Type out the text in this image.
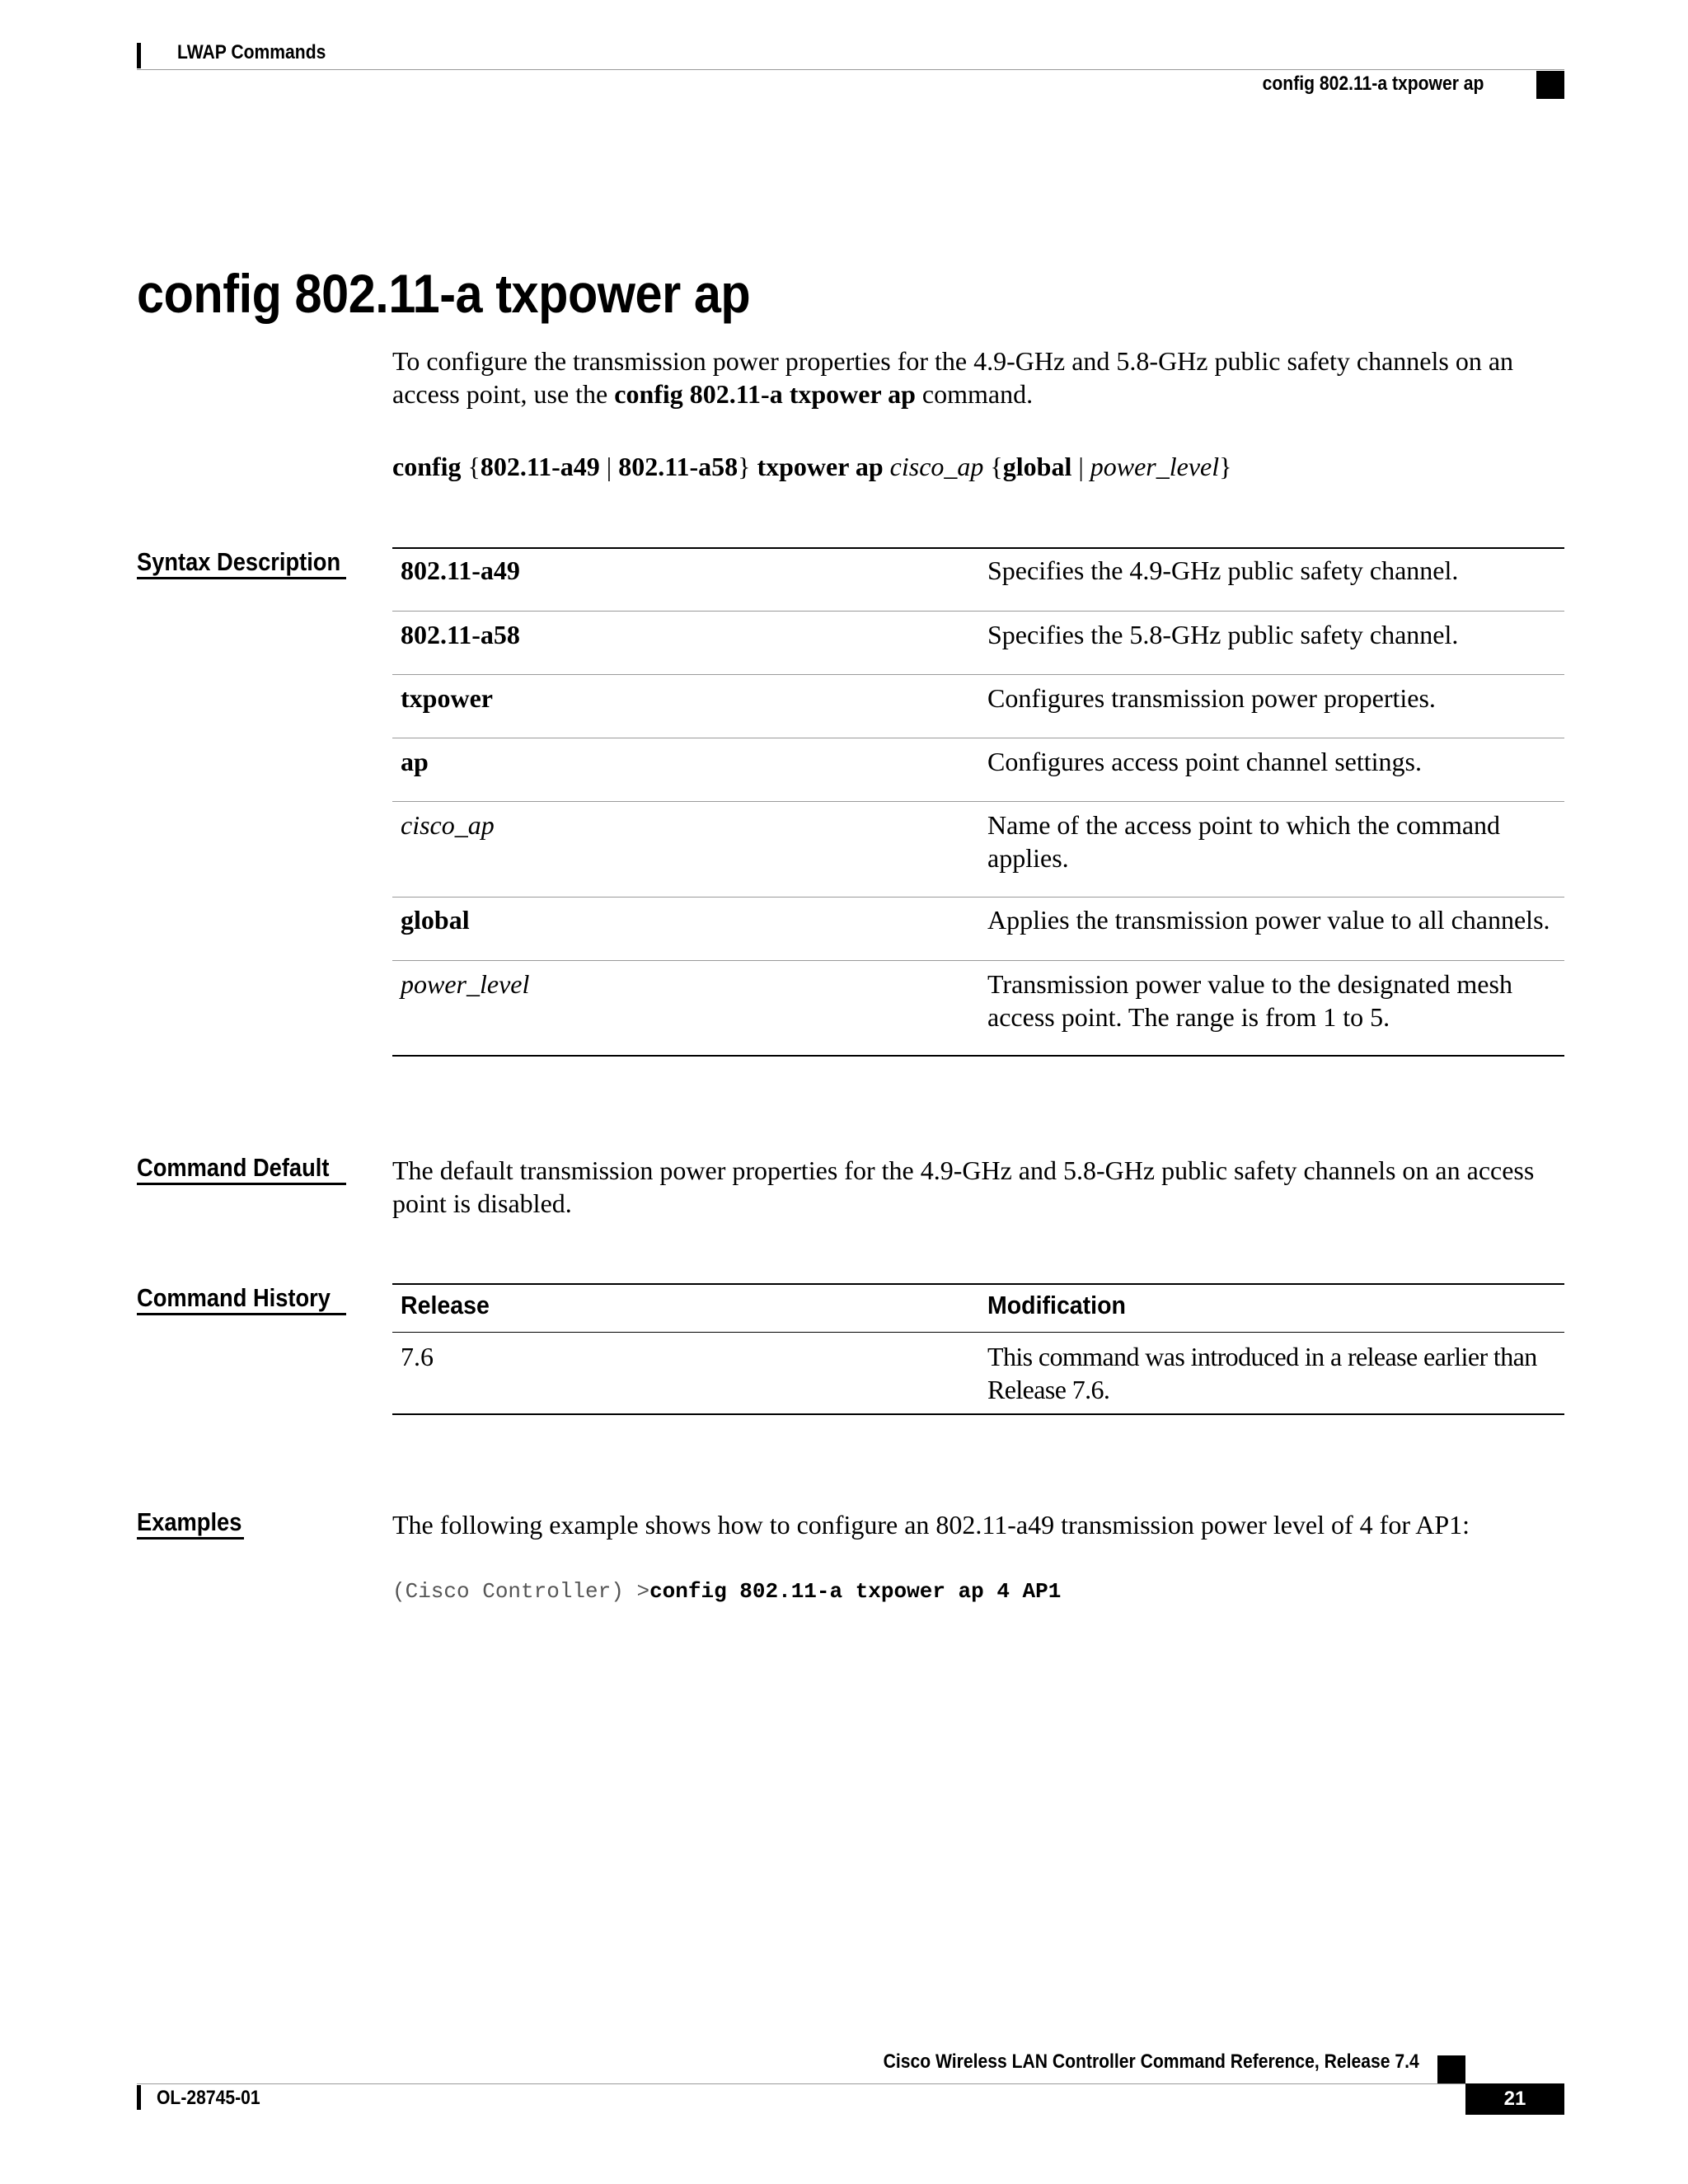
LWAP Commands
config 802.11-a txpower ap
config 802.11-a txpower ap

To configure the transmission power properties for the 4.9-GHz and 5.8-GHz public safety channels on an access point, use the config 802.11-a txpower ap command.

config {802.11-a49 | 802.11-a58} txpower ap cisco_ap {global | power_level}
Syntax Description 802.11-a49	Specifies the 4.9-GHz public safety channel.
802.11-a58	Specifies the 5.8-GHz public safety channel.
txpower	Configures transmission power properties.
ap	Configures access point channel settings.
cisco_ap	Name of the access point to which the command applies.
global	Applies the transmission power value to all channels.
power_level	Transmission power value to the designated mesh access point. The range is from 1 to 5.
Command Default The default transmission power properties for the 4.9-GHz and 5.8-GHz public safety channels on an access point is disabled.

Command History	Release	Modification
7.6	This command was introduced in a release earlier than Release 7.6.
Examples	The following example shows how to configure an 802.11-a49 transmission power level of 4 for AP1:

(Cisco Controller) >config 802.11-a txpower ap 4 AP1
Cisco Wireless LAN Controller Command Reference, Release 7.4
OL-28745-01	21
